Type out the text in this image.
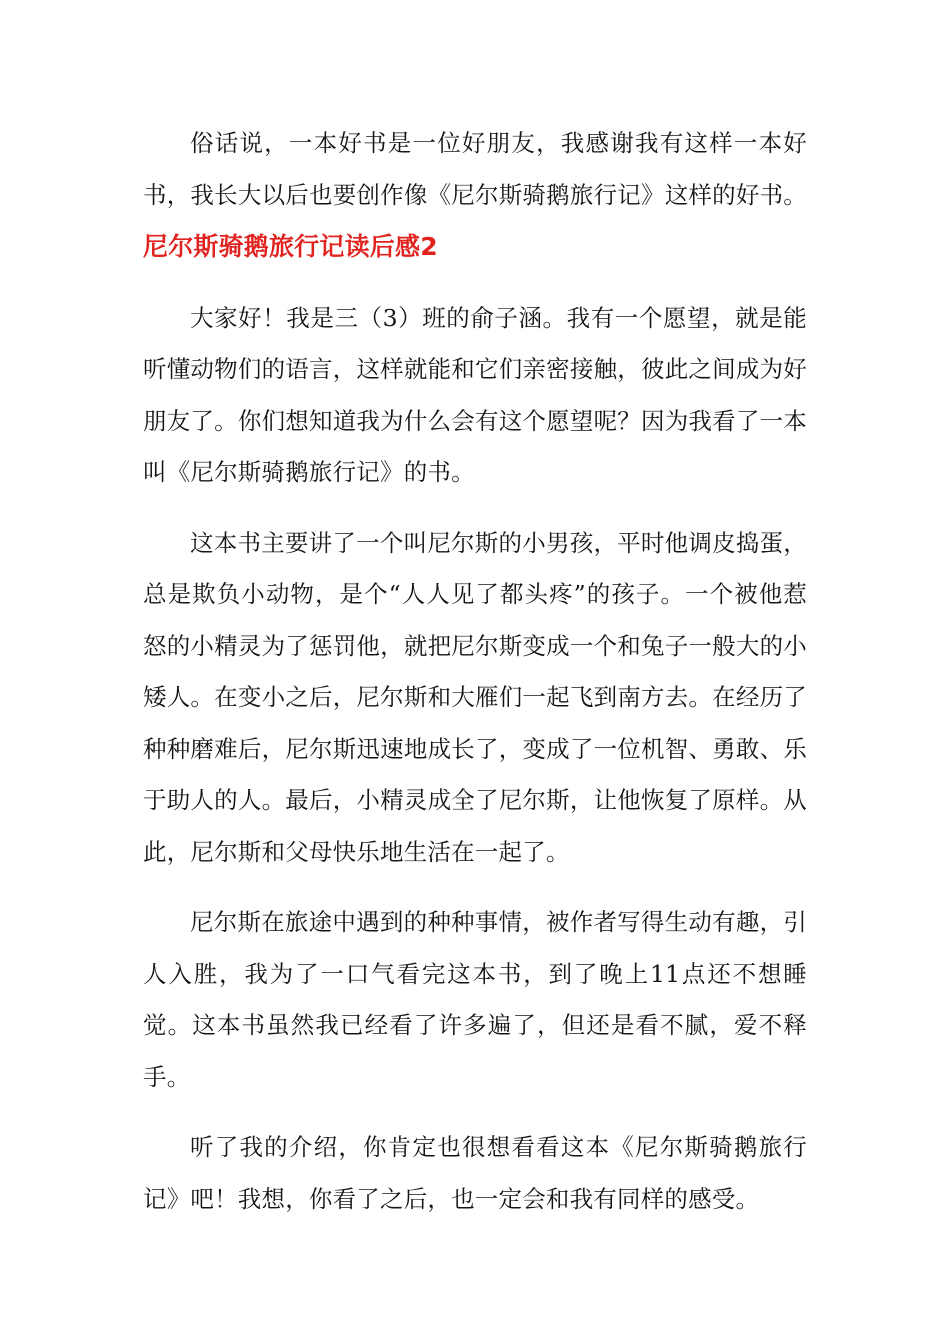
俗话说，一本好书是一位好朋友，我感谢我有这样一本好书，我长大以后也要创作像《尼尔斯骑鹅旅行记》这样的好书。尼尔斯骑鹅旅行记读后感2

大家好！我是三（3）班的俞子涵。我有一个愿望，就是能听懂动物们的语言，这样就能和它们亲密接触，彼此之间成为好朋友了。你们想知道我为什么会有这个愿望呢？因为我看了一本叫《尼尔斯骑鹅旅行记》的书。

这本书主要讲了一个叫尼尔斯的小男孩，平时他调皮捣蛋，总是欺负小动物，是个“人人见了都头疼”的孩子。一个被他惹怒的小精灵为了惩罚他，就把尼尔斯变成一个和兔子一般大的小矮人。在变小之后，尼尔斯和大雁们一起飞到南方去。在经历了种种磨难后，尼尔斯迅速地成长了，变成了一位机智、勇敢、乐于助人的人。最后，小精灵成全了尼尔斯，让他恢复了原样。从此，尼尔斯和父母快乐地生活在一起了。

尼尔斯在旅途中遇到的种种事情，被作者写得生动有趣，引人入胜，我为了一口气看完这本书，到了晚上11点还不想睡觉。这本书虽然我已经看了许多遍了，但还是看不腻，爱不释手。

听了我的介绍，你肯定也很想看看这本《尼尔斯骑鹅旅行记》吧！我想，你看了之后，也一定会和我有同样的感受。
